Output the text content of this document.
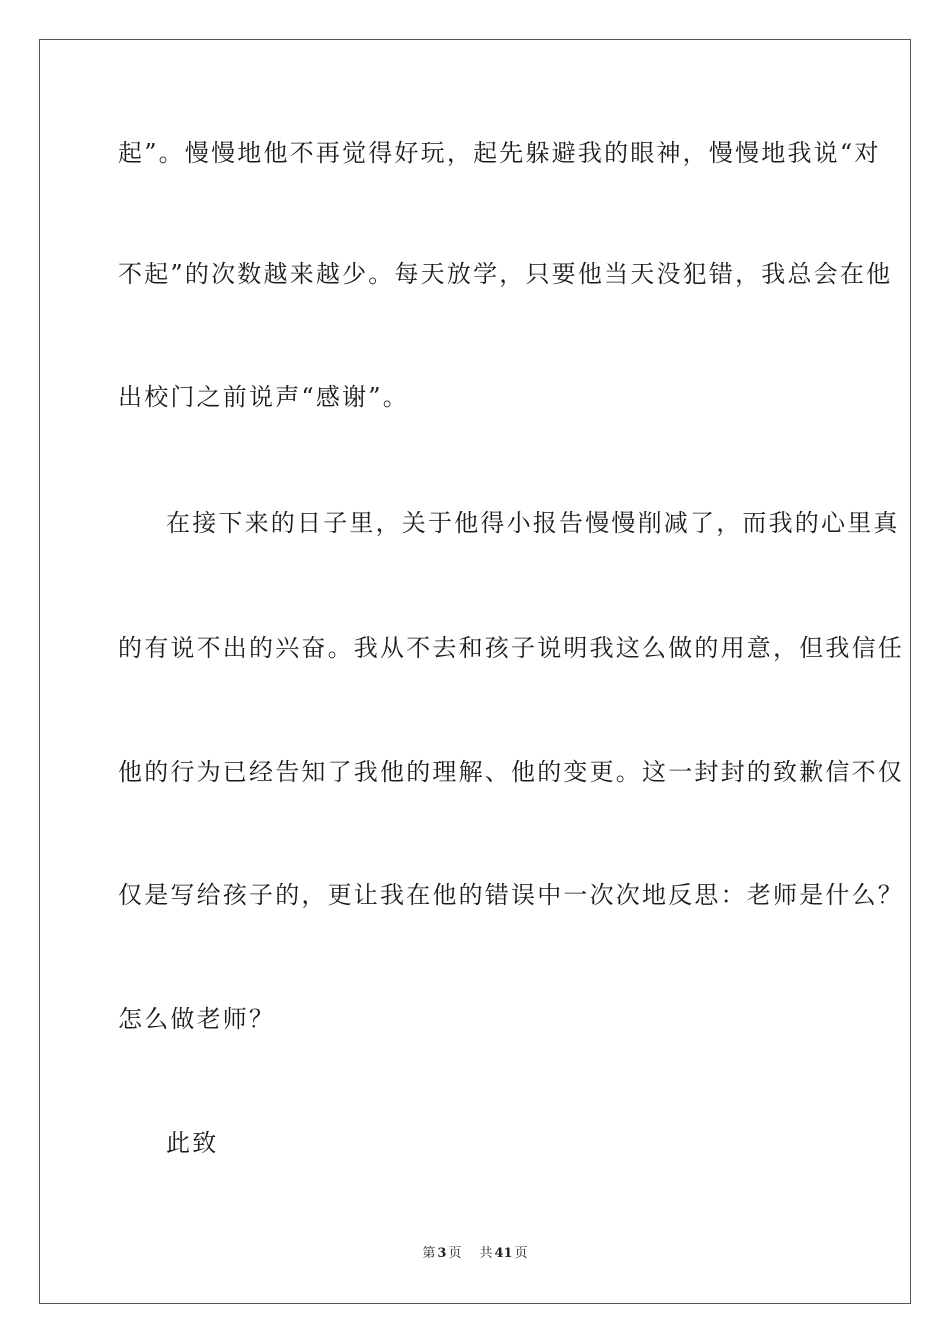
起”。慢慢地他不再觉得好玩，起先躲避我的眼神，慢慢地我说“对
不起”的次数越来越少。每天放学，只要他当天没犯错，我总会在他
出校门之前说声“感谢”。
在接下来的日子里，关于他得小报告慢慢削减了，而我的心里真
的有说不出的兴奋。我从不去和孩子说明我这么做的用意，但我信任
他的行为已经告知了我他的理解、他的变更。这一封封的致歉信不仅
仅是写给孩子的，更让我在他的错误中一次次地反思：老师是什么？
怎么做老师？
此致
第 3 页 共 41 页
